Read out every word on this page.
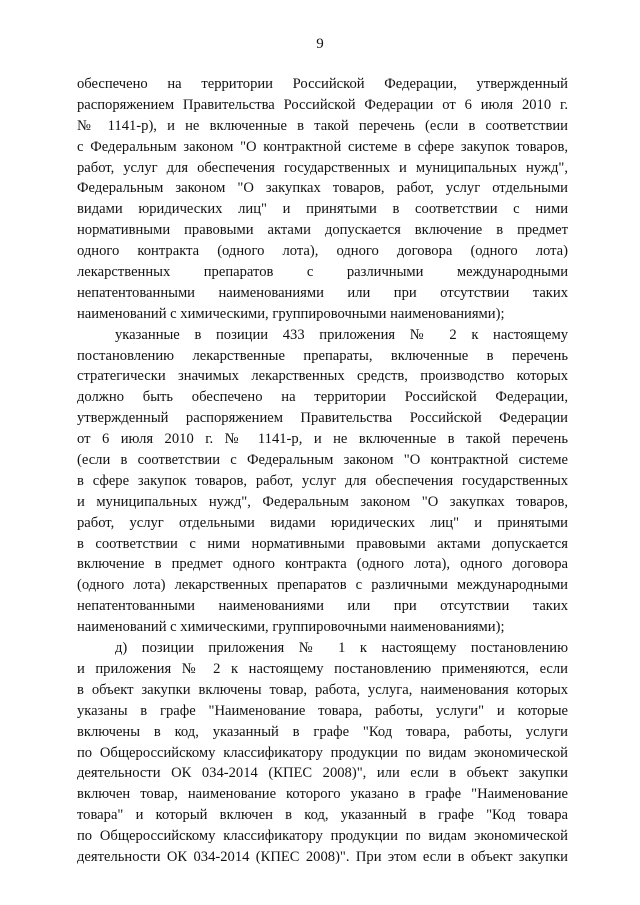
9
обеспечено на территории Российской Федерации, утвержденный
распоряжением Правительства Российской Федерации от 6 июля 2010 г.
№ 1141-р), и не включенные в такой перечень (если в соответствии
с Федеральным законом "О контрактной системе в сфере закупок товаров,
работ, услуг для обеспечения государственных и муниципальных нужд",
Федеральным законом "О закупках товаров, работ, услуг отдельными
видами юридических лиц" и принятыми в соответствии с ними
нормативными правовыми актами допускается включение в предмет
одного контракта (одного лота), одного договора (одного лота)
лекарственных препаратов с различными международными
непатентованными наименованиями или при отсутствии таких
наименований с химическими, группировочными наименованиями);
указанные в позиции 433 приложения № 2 к настоящему
постановлению лекарственные препараты, включенные в перечень
стратегически значимых лекарственных средств, производство которых
должно быть обеспечено на территории Российской Федерации,
утвержденный распоряжением Правительства Российской Федерации
от 6 июля 2010 г. № 1141-р, и не включенные в такой перечень
(если в соответствии с Федеральным законом "О контрактной системе
в сфере закупок товаров, работ, услуг для обеспечения государственных
и муниципальных нужд", Федеральным законом "О закупках товаров,
работ, услуг отдельными видами юридических лиц" и принятыми
в соответствии с ними нормативными правовыми актами допускается
включение в предмет одного контракта (одного лота), одного договора
(одного лота) лекарственных препаратов с различными международными
непатентованными наименованиями или при отсутствии таких
наименований с химическими, группировочными наименованиями);
д) позиции приложения № 1 к настоящему постановлению
и приложения № 2 к настоящему постановлению применяются, если
в объект закупки включены товар, работа, услуга, наименования которых
указаны в графе "Наименование товара, работы, услуги" и которые
включены в код, указанный в графе "Код товара, работы, услуги
по Общероссийскому классификатору продукции по видам экономической
деятельности ОК 034-2014 (КПЕС 2008)", или если в объект закупки
включен товар, наименование которого указано в графе "Наименование
товара" и который включен в код, указанный в графе "Код товара
по Общероссийскому классификатору продукции по видам экономической
деятельности ОК 034-2014 (КПЕС 2008)". При этом если в объект закупки
